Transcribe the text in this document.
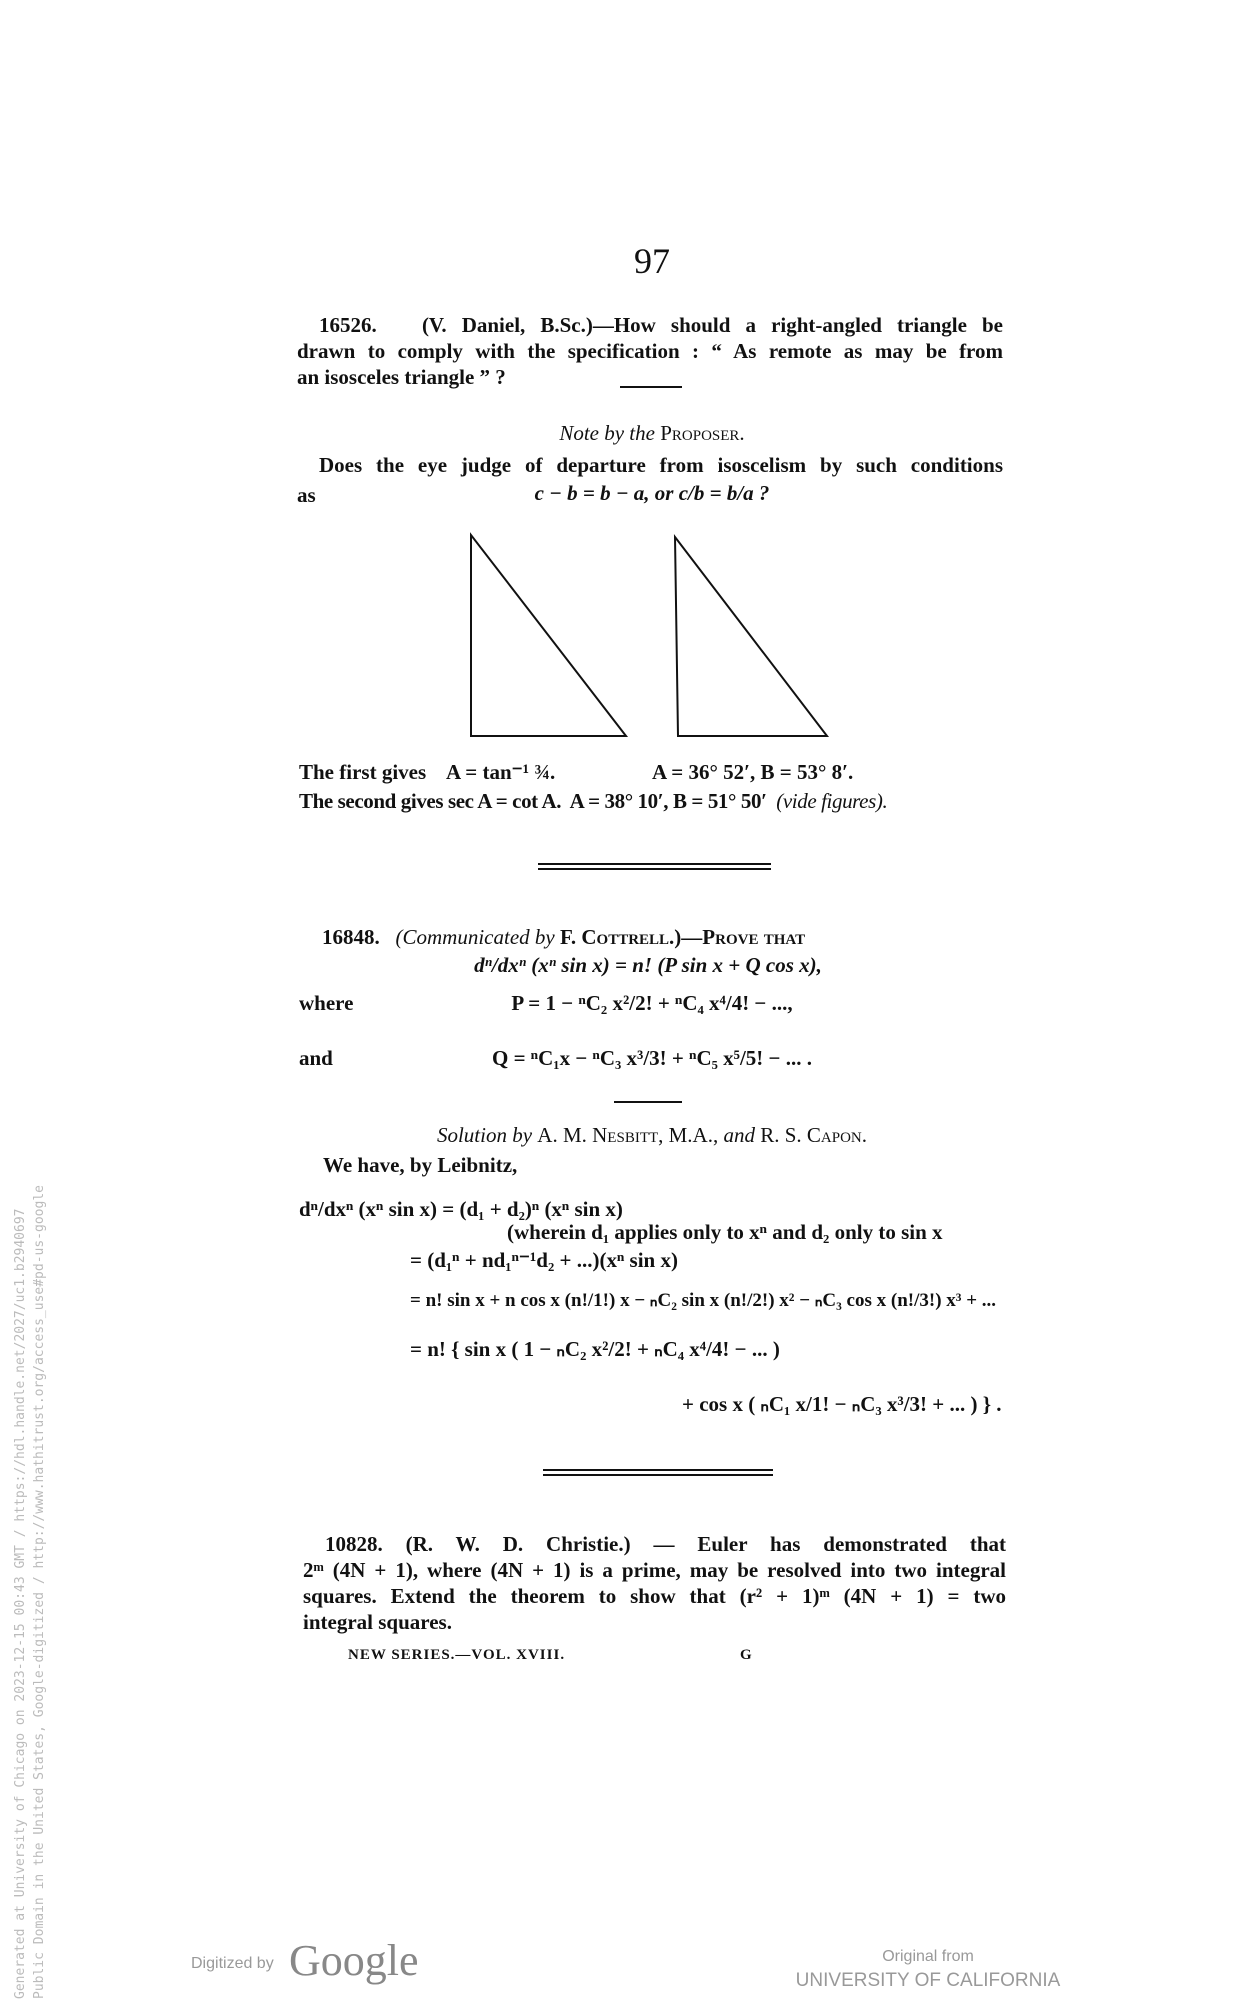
97
16526. (V. Daniel, B.Sc.)—How should a right-angled triangle be
drawn to comply with the specification : “ As remote as may be from
an isosceles triangle ” ?
Note by the Proposer.
Does the eye judge of departure from isoscelism by such conditions
as	c − b = b − a, or c/b = b/a ?
The first gives A = tan⁻¹ ¾.	A = 36° 52′, B = 53° 8′.
The second gives sec A = cot A. A = 38° 10′, B = 51° 50′ (vide figures).
16848. (Communicated by F. Cottrell.)—Prove that
dⁿ/dxⁿ (xⁿ sin x) = n! (P sin x + Q cos x),
where	P = 1 − ⁿC₂ x²/2! + ⁿC₄ x⁴/4! − ...,
and	Q = ⁿC₁x − ⁿC₃ x³/3! + ⁿC₅ x⁵/5! − ... .
Solution by A. M. Nesbitt, M.A., and R. S. Capon.
We have, by Leibnitz,
dⁿ/dxⁿ (xⁿ sin x) = (d₁ + d₂)ⁿ (xⁿ sin x)
(wherein d₁ applies only to xⁿ and d₂ only to sin x
= (d₁ⁿ + nd₁ⁿ⁻¹d₂ + ...)(xⁿ sin x)
= n! sin x + n cos x (n!/1!) x − ₙC₂ sin x (n!/2!) x² − ₙC₃ cos x (n!/3!) x³ + ...
= n! { sin x ( 1 − ₙC₂ x²/2! + ₙC₄ x⁴/4! − ... )
+ cos x ( ₙC₁ x/1! − ₙC₃ x³/3! + ... ) } .
10828. (R. W. D. Christie.) — Euler has demonstrated that
2ᵐ (4N + 1), where (4N + 1) is a prime, may be resolved into two integral
squares. Extend the theorem to show that (r² + 1)ᵐ (4N + 1) = two
integral squares.
NEW SERIES.—VOL. XVIII.	G
Generated at University of Chicago on 2023-12-15 00:43 GMT / https://hdl.handle.net/2027/uc1.b2940697 Public Domain in the United States, Google-digitized / http://www.hathitrust.org/access_use#pd-us-google	Digitized by Google	Original from
UNIVERSITY OF CALIFORNIA
